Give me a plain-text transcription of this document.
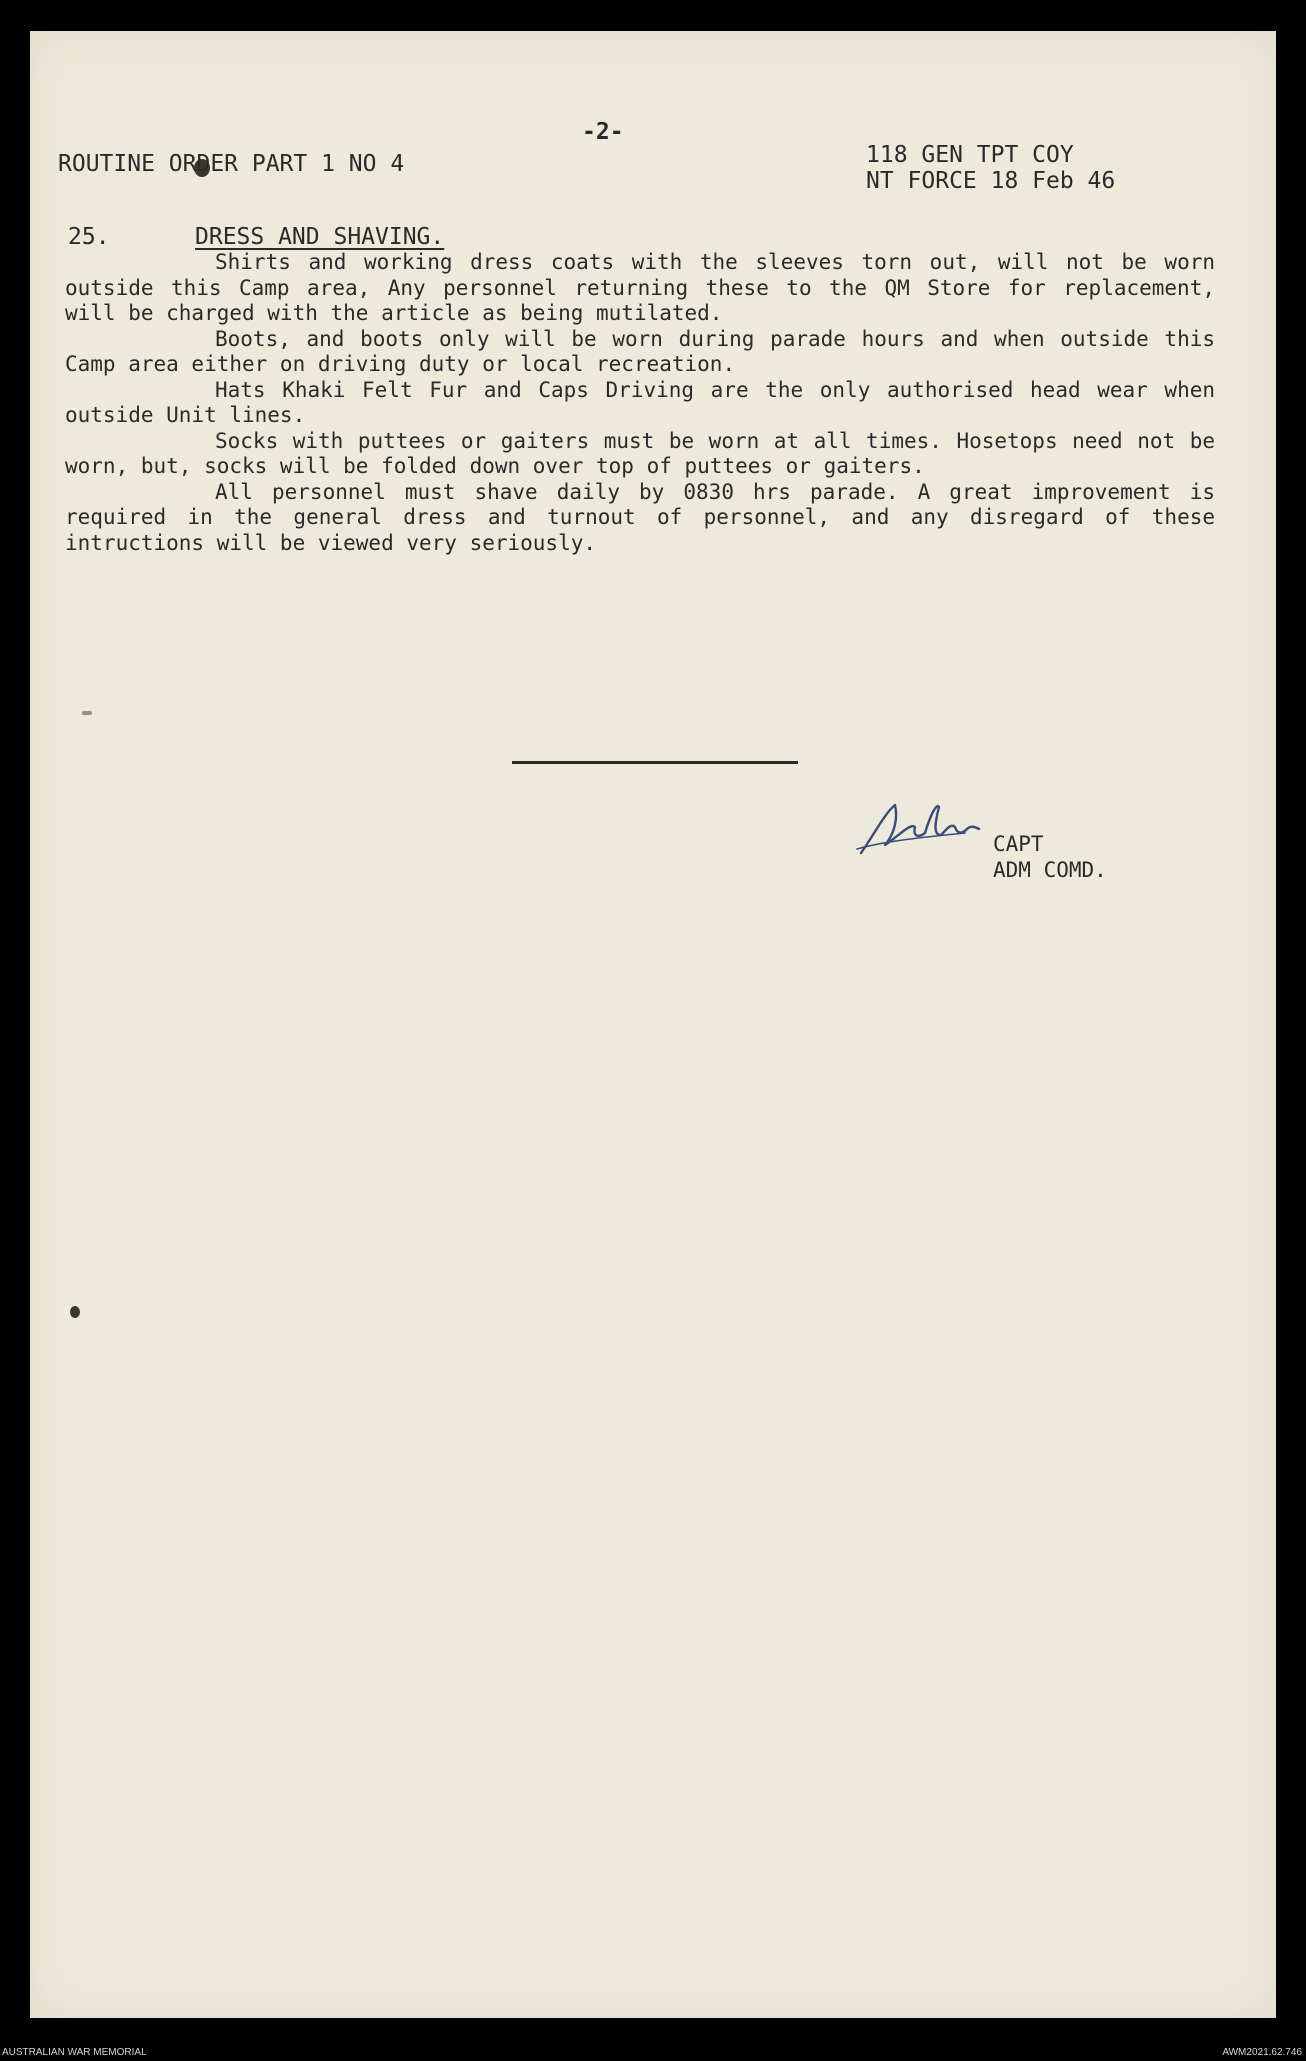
-2-
ROUTINE ORDER PART 1 NO 4	118 GEN TPT COY
NT FORCE 18 Feb 46
25.	DRESS AND SHAVING.

Shirts and working dress coats with the sleeves torn out, will not be worn outside this Camp area, Any personnel returning these to the QM Store for replacement, will be charged with the article as being mutilated.

Boots, and boots only will be worn during parade hours and when outside this Camp area either on driving duty or local recreation.

Hats Khaki Felt Fur and Caps Driving are the only authorised head wear when outside Unit lines.

Socks with puttees or gaiters must be worn at all times. Hosetops need not be worn, but, socks will be folded down over top of puttees or gaiters.

All personnel must shave daily by 0830 hrs parade. A great improvement is required in the general dress and turnout of personnel, and any disregard of these intructions will be viewed very seriously.

CAPT
ADM COMD.
AUSTRALIAN WAR MEMORIAL	AWM2021.62.746
